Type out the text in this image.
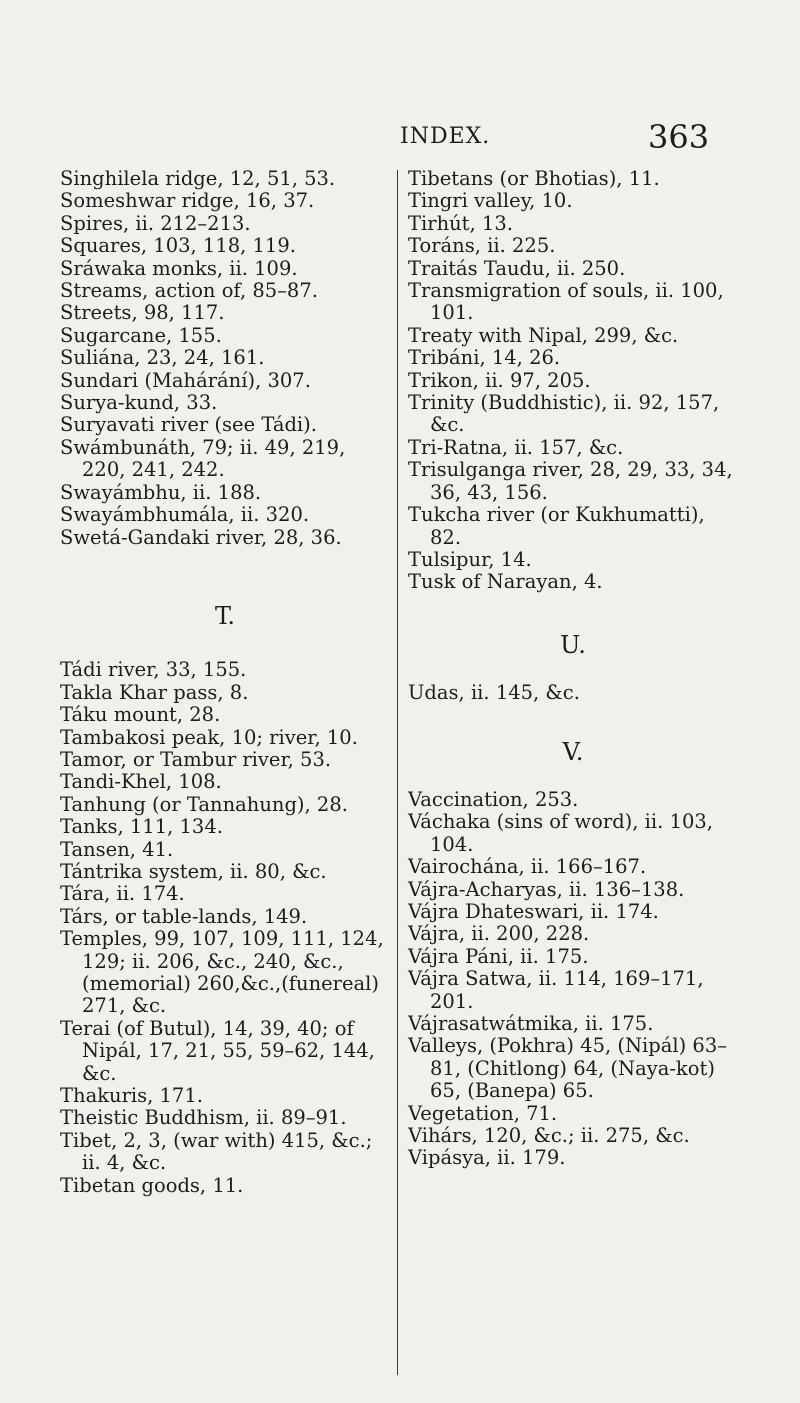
INDEX.	363

Singhilela ridge, 12, 51, 53.

Someshwar ridge, 16, 37.

Spires, ii. 212–213.

Squares, 103, 118, 119.

Sráwaka monks, ii. 109.

Streams, action of, 85–87.

Streets, 98, 117.

Sugarcane, 155.

Suliána, 23, 24, 161.

Sundari (Mahárání), 307.

Surya-kund, 33.

Suryavati river (see Tádi).

Swámbunáth, 79; ii. 49, 219, 220, 241, 242.

Swayámbhu, ii. 188.

Swayámbhumála, ii. 320.

Swetá-Gandaki river, 28, 36.

T.

Tádi river, 33, 155.

Takla Khar pass, 8.

Táku mount, 28.

Tambakosi peak, 10; river, 10.

Tamor, or Tambur river, 53.

Tandi-Khel, 108.

Tanhung (or Tannahung), 28.

Tanks, 111, 134.

Tansen, 41.

Tántrika system, ii. 80, &c.

Tára, ii. 174.

Társ, or table-lands, 149.

Temples, 99, 107, 109, 111, 124, 129; ii. 206, &c., 240, &c., (memorial) 260,&c.,(funereal) 271, &c.

Terai (of Butul), 14, 39, 40; of Nipál, 17, 21, 55, 59–62, 144, &c.

Thakuris, 171.

Theistic Buddhism, ii. 89–91.

Tibet, 2, 3, (war with) 415, &c.; ii. 4, &c.

Tibetan goods, 11.

Tibetans (or Bhotias), 11.

Tingri valley, 10.

Tirhút, 13.

Toráns, ii. 225.

Traitás Taudu, ii. 250.

Transmigration of souls, ii. 100, 101.

Treaty with Nipal, 299, &c.

Tribáni, 14, 26.

Trikon, ii. 97, 205.

Trinity (Buddhistic), ii. 92, 157, &c.

Tri-Ratna, ii. 157, &c.

Trisulganga river, 28, 29, 33, 34, 36, 43, 156.

Tukcha river (or Kukhumatti), 82.

Tulsipur, 14.

Tusk of Narayan, 4.

U.

Udas, ii. 145, &c.

V.

Vaccination, 253.

Váchaka (sins of word), ii. 103, 104.

Vairochána, ii. 166–167.

Vájra-Acharyas, ii. 136–138.

Vájra Dhateswari, ii. 174.

Vájra, ii. 200, 228.

Vájra Páni, ii. 175.

Vájra Satwa, ii. 114, 169–171, 201.

Vájrasatwátmika, ii. 175.

Valleys, (Pokhra) 45, (Nipál) 63–81, (Chitlong) 64, (Naya-kot) 65, (Banepa) 65.

Vegetation, 71.

Vihárs, 120, &c.; ii. 275, &c.

Vipásya, ii. 179.
